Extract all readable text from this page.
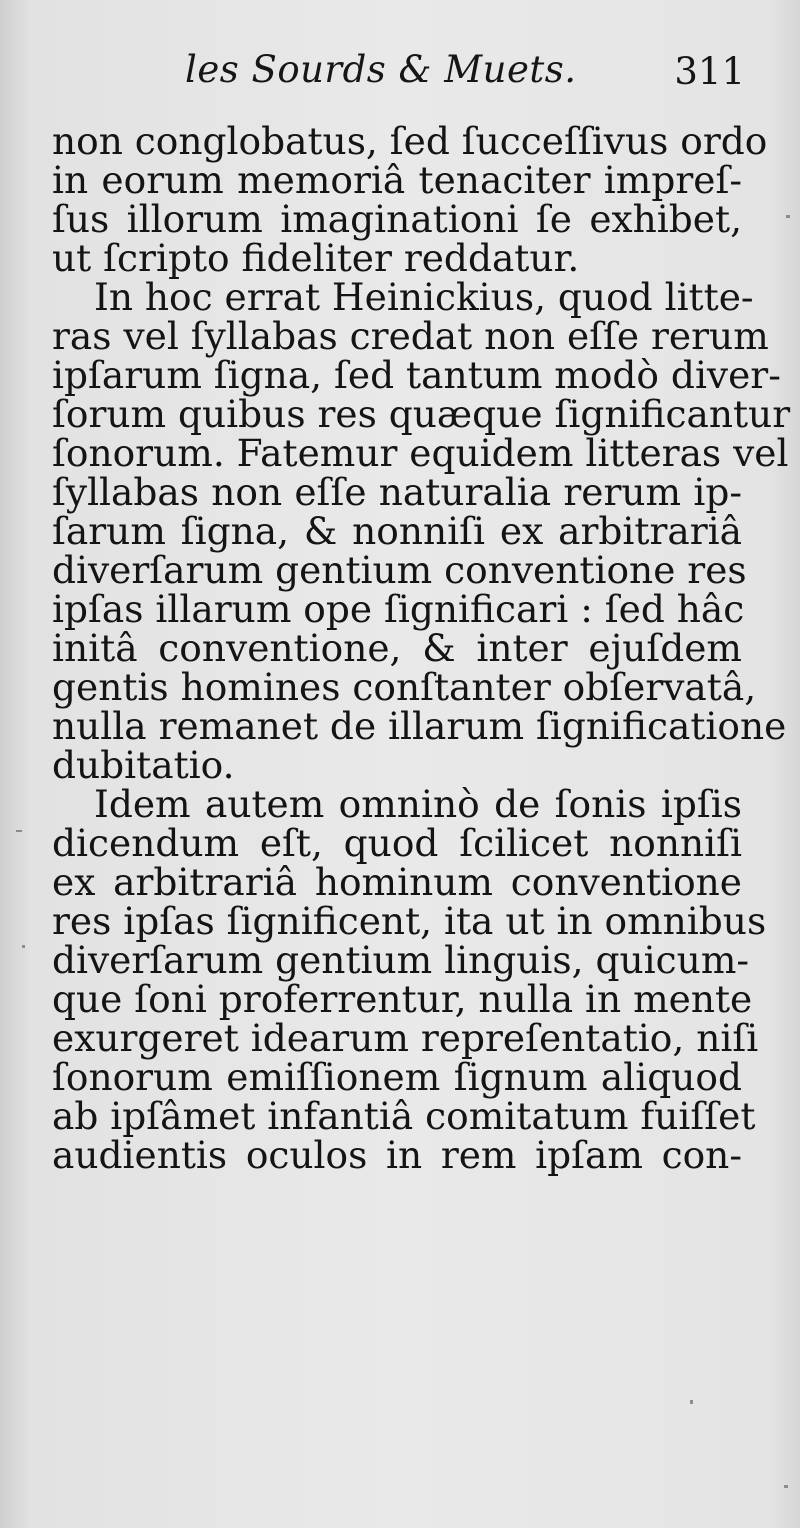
les Sourds & Muets.	311
non conglobatus, ſed ſucceſſivus ordo
in eorum memoriâ tenaciter impreſ-
ſus illorum imaginationi ſe exhibet,
ut ſcripto fideliter reddatur.
In hoc errat Heinickius, quod litte-
ras vel ſyllabas credat non eſſe rerum
ipſarum ſigna, ſed tantum modò diver-
ſorum quibus res quæque ſignificantur
ſonorum. Fatemur equidem litteras vel
ſyllabas non eſſe naturalia rerum ip-
ſarum ſigna, & nonniſi ex arbitrariâ
diverſarum gentium conventione res
ipſas illarum ope ſignificari : ſed hâc
initâ conventione, & inter ejuſdem
gentis homines conſtanter obſervatâ,
nulla remanet de illarum ſignificatione
dubitatio.
Idem autem omninò de ſonis ipſis
dicendum eſt, quod ſcilicet nonniſi
ex arbitrariâ hominum conventione
res ipſas ſignificent, ita ut in omnibus
diverſarum gentium linguis, quicum-
que ſoni proferrentur, nulla in mente
exurgeret idearum repreſentatio, niſi
ſonorum emiſſionem ſignum aliquod
ab ipſâmet infantiâ comitatum fuiſſet
audientis oculos in rem ipſam con-
